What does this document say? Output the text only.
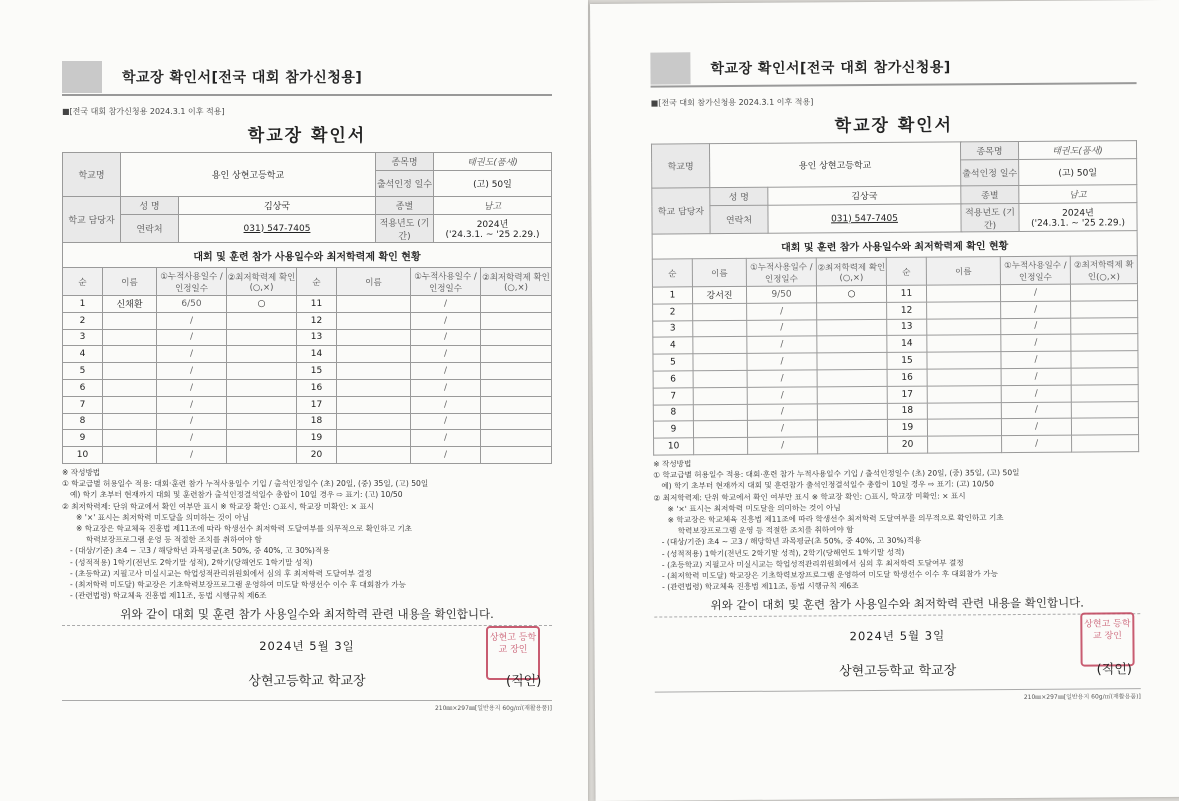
학교장 확인서[전국 대회 참가신청용]
■[전국 대회 참가신청용 2024.3.1 이후 적용]
학교장 확인서
학교명	용인 상현고등학교		종목명	태권도(품새)
			출석인정 일수	(고) 50일
학교 담당자	성 명	김상국	종별	남고
	연락처	031) 547-7405	적용년도 (기간)	2024년
('24.3.1. ~ '25 2.29.)
대회 및 훈련 참가 사용일수와 최저학력제 확인 현황
순	이름	①누적사용일수 /인정일수	②최저학력제 확인(○,×)	순	이름	①누적사용일수 /인정일수	②최저학력제 확인(○,×)
1	신채환	6/50	○	11		/	
2		/		12		/	
3		/		13		/	
4		/		14		/	
5		/		15		/	
6		/		16		/	
7		/		17		/	
8		/		18		/	
9		/		19		/	
10		/		20		/	
※ 작성방법
① 학교급별 허용일수 적용: 대회·훈련 참가 누적사용일수 기입 / 출석인정일수 (초) 20일, (중) 35일, (고) 50일
예) 학기 초부터 현재까지 대회 및 훈련참가 출석인정결석일수 총합이 10일 경우 ⇨ 표기: (고) 10/50
② 최저학력제: 단위 학교에서 확인 여부만 표시 ※ 학교장 확인: ○표시, 학교장 미확인: × 표시
※ '×' 표시는 최저학력 미도달을 의미하는 것이 아님
※ 학교장은 학교체육 진흥법 제11조에 따라 학생선수 최저학력 도달여부를 의무적으로 확인하고 기초
학력보장프로그램 운영 등 적절한 조치를 취하여야 함
- (대상/기준) 초4 ~ 고3 / 해당학년 과목평균(초 50%, 중 40%, 고 30%)적용
- (성적적용) 1학기(전년도 2학기말 성적), 2학기(당해연도 1학기말 성적)
- (초등학교) 지필고사 미실시교는 학업성적관리위원회에서 심의 후 최저학력 도달여부 결정
- (최저학력 미도달) 학교장은 기초학력보장프로그램 운영하여 미도달 학생선수 이수 후 대회참가 가능
- (관련법령) 학교체육 진흥법 제11조, 동법 시행규칙 제6조
위와 같이 대회 및 훈련 참가 사용일수와 최저학력 관련 내용을 확인합니다.
2024년 5월 3일
상현고등학교 학교장
상현고 등학교 장인
(직인)
210㎜×297㎜[일반용지 60g/㎡(재활용품)]
학교장 확인서[전국 대회 참가신청용]
■[전국 대회 참가신청용 2024.3.1 이후 적용]
학교장 확인서
학교명	용인 상현고등학교		종목명	태권도(품새)
			출석인정 일수	(고) 50일
학교 담당자	성 명	김상국	종별	남고
	연락처	031) 547-7405	적용년도 (기간)	2024년
('24.3.1. ~ '25 2.29.)
대회 및 훈련 참가 사용일수와 최저학력제 확인 현황
순	이름	①누적사용일수 /인정일수	②최저학력제 확인(○,×)	순	이름	①누적사용일수 /인정일수	②최저학력제 확인(○,×)
1	강서진	9/50	○	11		/	
2		/		12		/	
3		/		13		/	
4		/		14		/	
5		/		15		/	
6		/		16		/	
7		/		17		/	
8		/		18		/	
9		/		19		/	
10		/		20		/	
※ 작성방법
① 학교급별 허용일수 적용: 대회·훈련 참가 누적사용일수 기입 / 출석인정일수 (초) 20일, (중) 35일, (고) 50일
예) 학기 초부터 현재까지 대회 및 훈련참가 출석인정결석일수 총합이 10일 경우 ⇨ 표기: (고) 10/50
② 최저학력제: 단위 학교에서 확인 여부만 표시 ※ 학교장 확인: ○표시, 학교장 미확인: × 표시
※ '×' 표시는 최저학력 미도달을 의미하는 것이 아님
※ 학교장은 학교체육 진흥법 제11조에 따라 학생선수 최저학력 도달여부를 의무적으로 확인하고 기초
학력보장프로그램 운영 등 적절한 조치를 취하여야 함
- (대상/기준) 초4 ~ 고3 / 해당학년 과목평균(초 50%, 중 40%, 고 30%)적용
- (성적적용) 1학기(전년도 2학기말 성적), 2학기(당해연도 1학기말 성적)
- (초등학교) 지필고사 미실시교는 학업성적관리위원회에서 심의 후 최저학력 도달여부 결정
- (최저학력 미도달) 학교장은 기초학력보장프로그램 운영하여 미도달 학생선수 이수 후 대회참가 가능
- (관련법령) 학교체육 진흥법 제11조, 동법 시행규칙 제6조
위와 같이 대회 및 훈련 참가 사용일수와 최저학력 관련 내용을 확인합니다.
2024년 5월 3일
상현고등학교 학교장
상현고 등학교 장인
(직인)
210㎜×297㎜[일반용지 60g/㎡(재활용품)]
